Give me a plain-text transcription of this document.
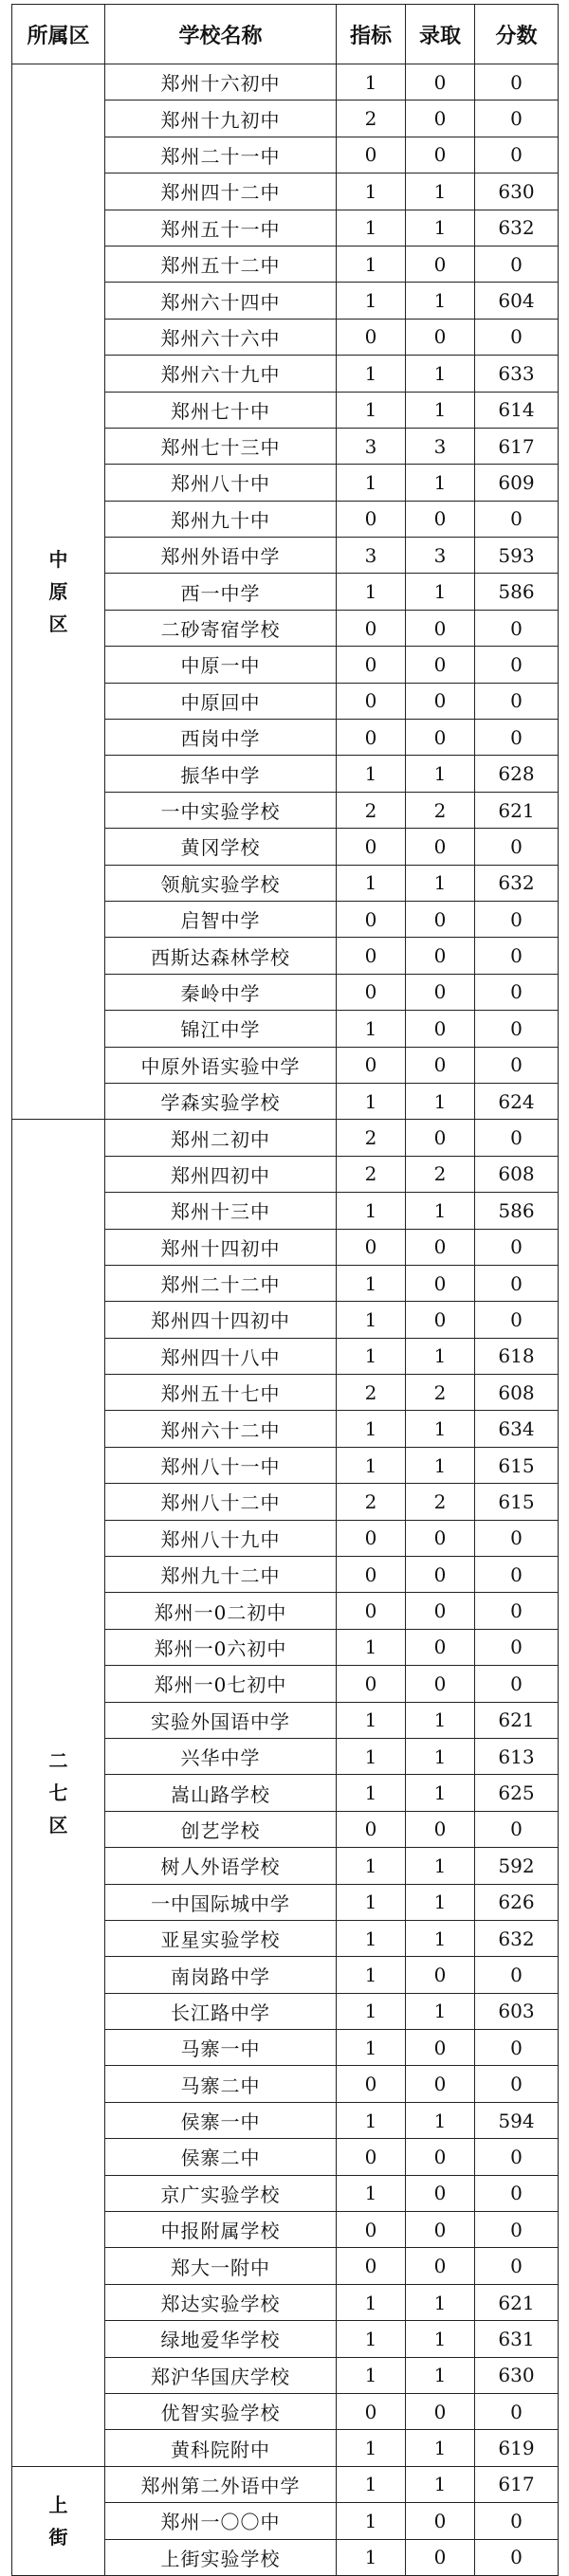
所属区	学校名称	指标	录取	分数
中
原
区	郑州十六初中	1	0	0
	郑州十九初中	2	0	0
	郑州二十一中	0	0	0
	郑州四十二中	1	1	630
	郑州五十一中	1	1	632
	郑州五十二中	1	0	0
	郑州六十四中	1	1	604
	郑州六十六中	0	0	0
	郑州六十九中	1	1	633
	郑州七十中	1	1	614
	郑州七十三中	3	3	617
	郑州八十中	1	1	609
	郑州九十中	0	0	0
	郑州外语中学	3	3	593
	西一中学	1	1	586
	二砂寄宿学校	0	0	0
	中原一中	0	0	0
	中原回中	0	0	0
	西岗中学	0	0	0
	振华中学	1	1	628
	一中实验学校	2	2	621
	黄冈学校	0	0	0
	领航实验学校	1	1	632
	启智中学	0	0	0
	西斯达森林学校	0	0	0
	秦岭中学	0	0	0
	锦江中学	1	0	0
	中原外语实验中学	0	0	0
	学森实验学校	1	1	624
二
七
区	郑州二初中	2	0	0
	郑州四初中	2	2	608
	郑州十三中	1	1	586
	郑州十四初中	0	0	0
	郑州二十二中	1	0	0
	郑州四十四初中	1	0	0
	郑州四十八中	1	1	618
	郑州五十七中	2	2	608
	郑州六十二中	1	1	634
	郑州八十一中	1	1	615
	郑州八十二中	2	2	615
	郑州八十九中	0	0	0
	郑州九十二中	0	0	0
	郑州一0二初中	0	0	0
	郑州一0六初中	1	0	0
	郑州一0七初中	0	0	0
	实验外国语中学	1	1	621
	兴华中学	1	1	613
	嵩山路学校	1	1	625
	创艺学校	0	0	0
	树人外语学校	1	1	592
	一中国际城中学	1	1	626
	亚星实验学校	1	1	632
	南岗路中学	1	0	0
	长江路中学	1	1	603
	马寨一中	1	0	0
	马寨二中	0	0	0
	侯寨一中	1	1	594
	侯寨二中	0	0	0
	京广实验学校	1	0	0
	中报附属学校	0	0	0
	郑大一附中	0	0	0
	郑达实验学校	1	1	621
	绿地爱华学校	1	1	631
	郑沪华国庆学校	1	1	630
	优智实验学校	0	0	0
	黄科院附中	1	1	619
上
街	郑州第二外语中学	1	1	617
	郑州一〇〇中	1	0	0
	上街实验学校	1	0	0
